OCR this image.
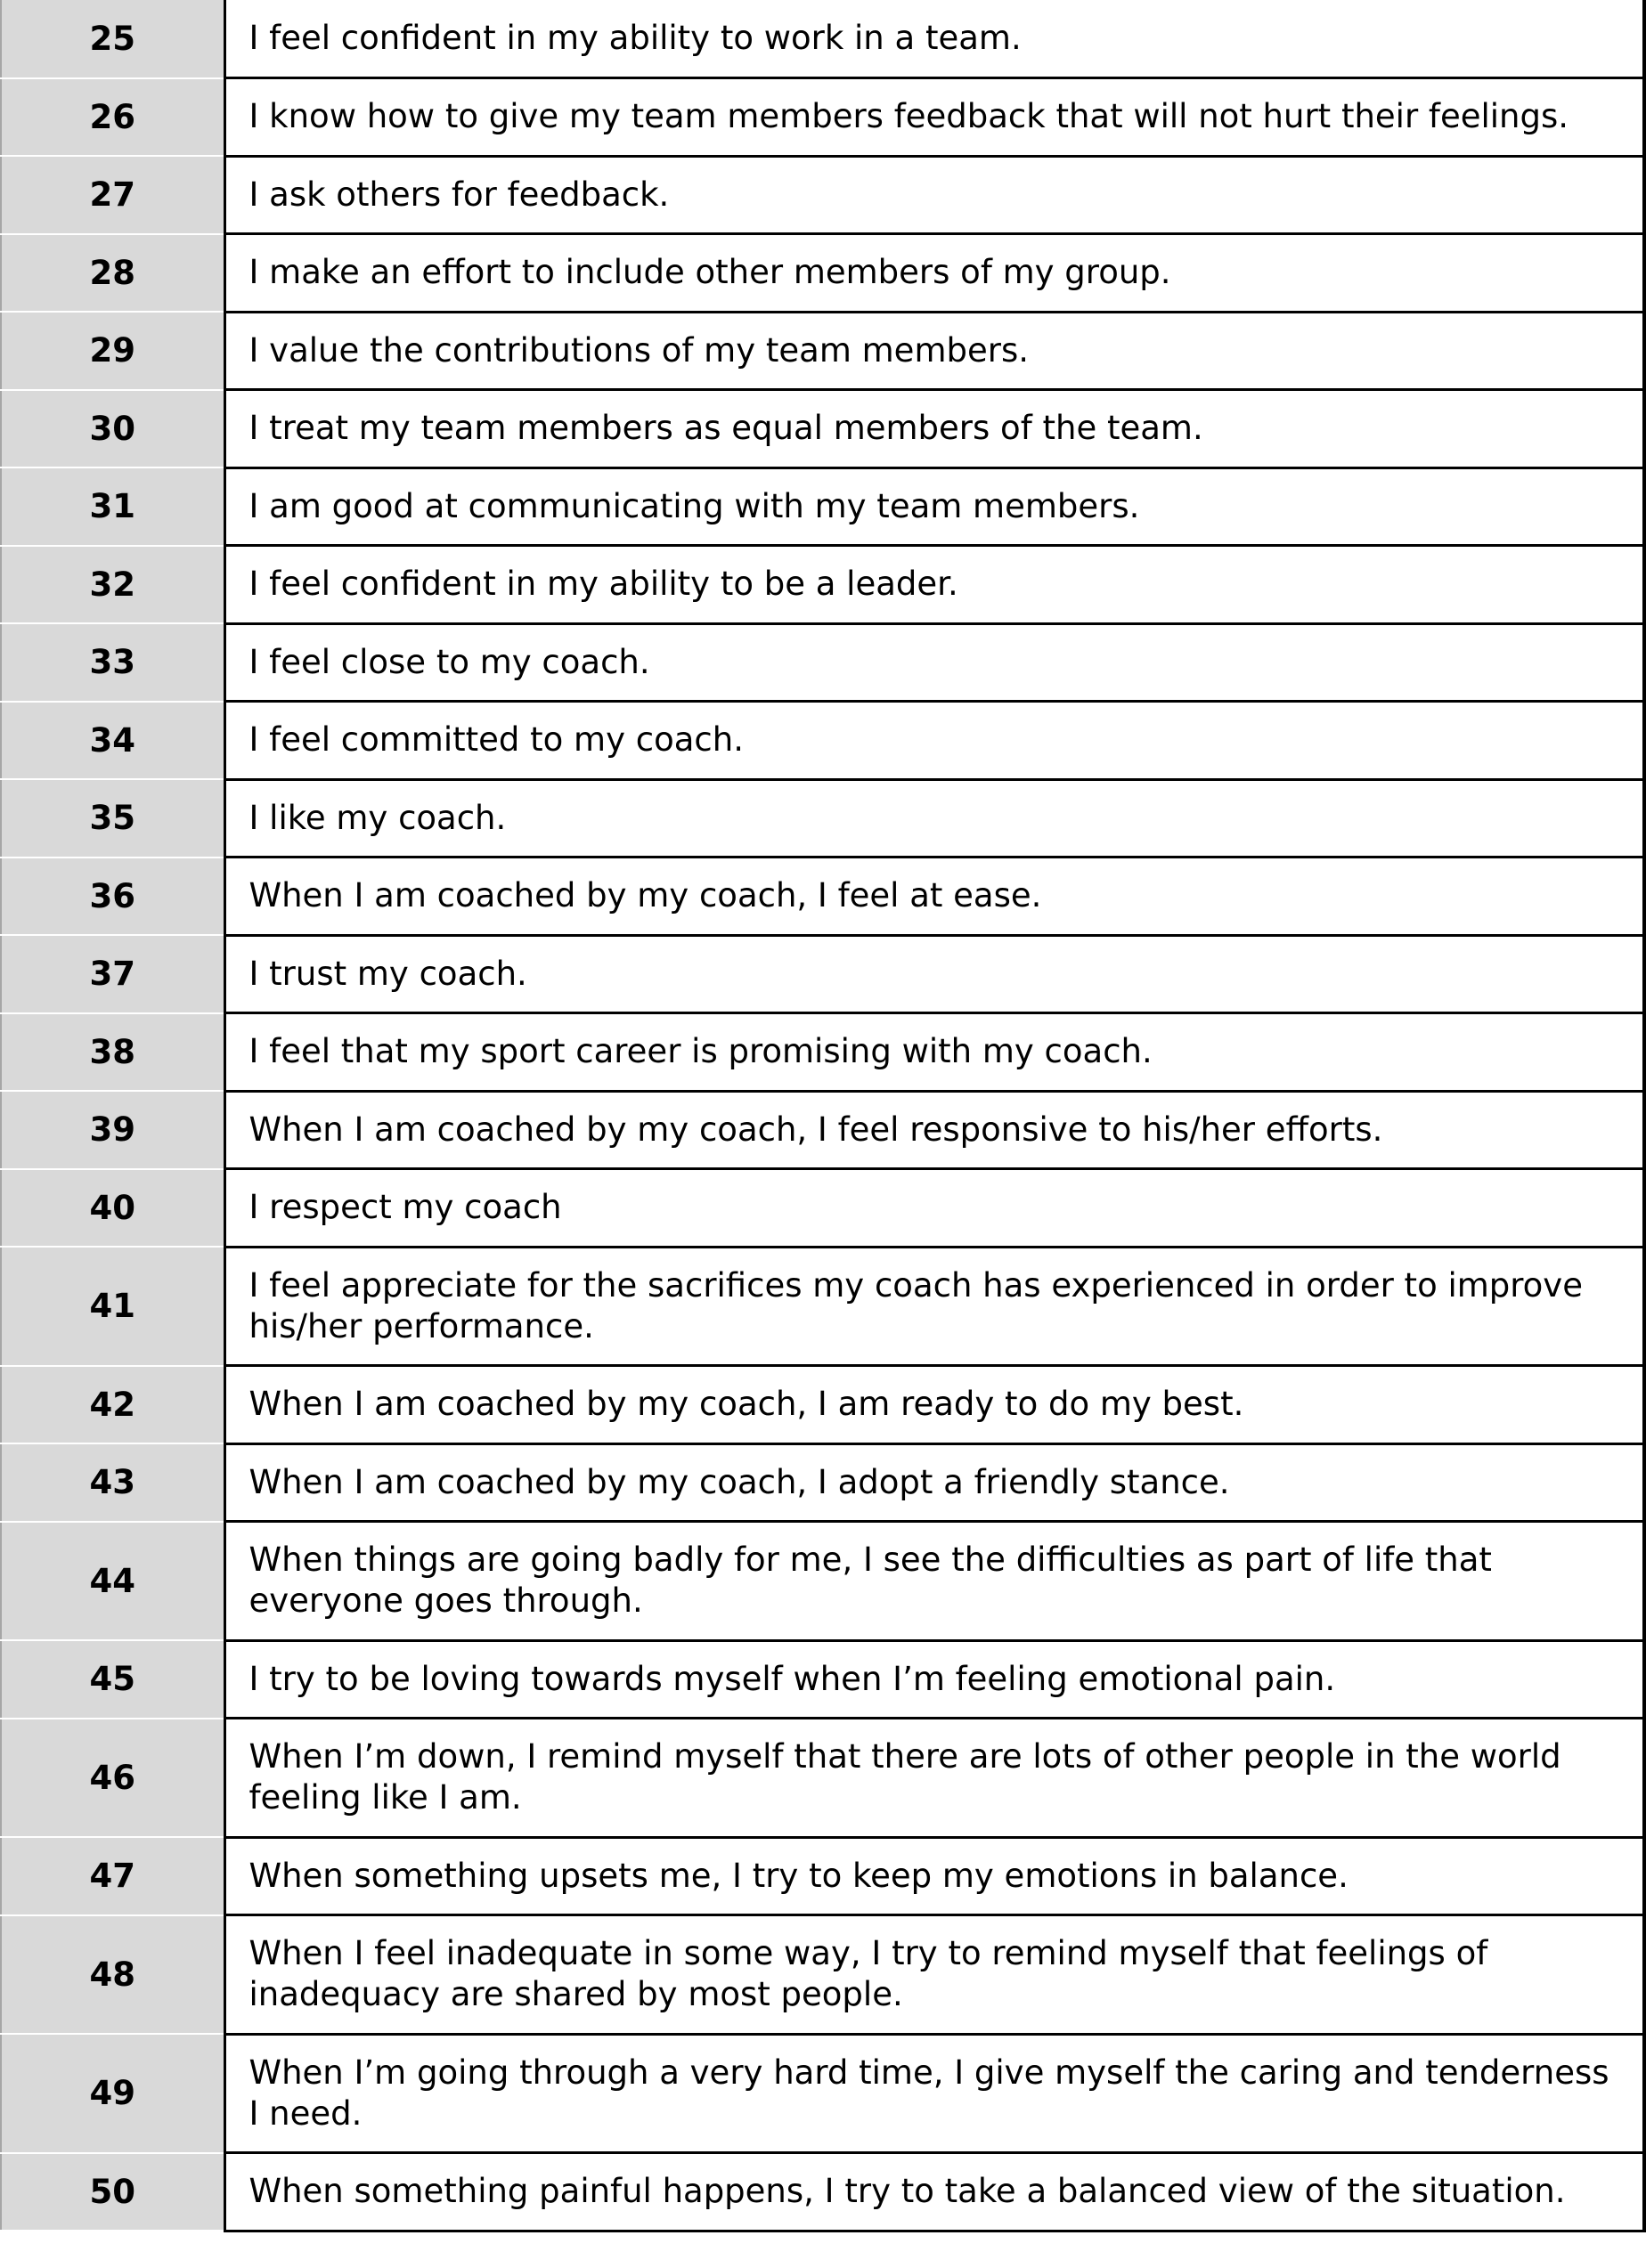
25	I feel confident in my ability to work in a team.

26	I know how to give my team members feedback that will not hurt their feelings.

27	I ask others for feedback.

28	I make an effort to include other members of my group.

29	I value the contributions of my team members.

30	I treat my team members as equal members of the team.

31	I am good at communicating with my team members.

32	I feel confident in my ability to be a leader.

33	I feel close to my coach.

34	I feel committed to my coach.

35	I like my coach.

36	When I am coached by my coach, I feel at ease.

37	I trust my coach.

38	I feel that my sport career is promising with my coach.

39	When I am coached by my coach, I feel responsive to his/her efforts.

40	I respect my coach

41	I feel appreciate for the sacrifices my coach has experienced in order to improve his/her performance.

42	When I am coached by my coach, I am ready to do my best.

43	When I am coached by my coach, I adopt a friendly stance.

44	When things are going badly for me, I see the difficulties as part of life that everyone goes through.

45	I try to be loving towards myself when I’m feeling emotional pain.

46	When I’m down, I remind myself that there are lots of other people in the world feeling like I am.

47	When something upsets me, I try to keep my emotions in balance.

48	When I feel inadequate in some way, I try to remind myself that feelings of inadequacy are shared by most people.

49	When I’m going through a very hard time, I give myself the caring and tenderness I need.

50	When something painful happens, I try to take a balanced view of the situation.
